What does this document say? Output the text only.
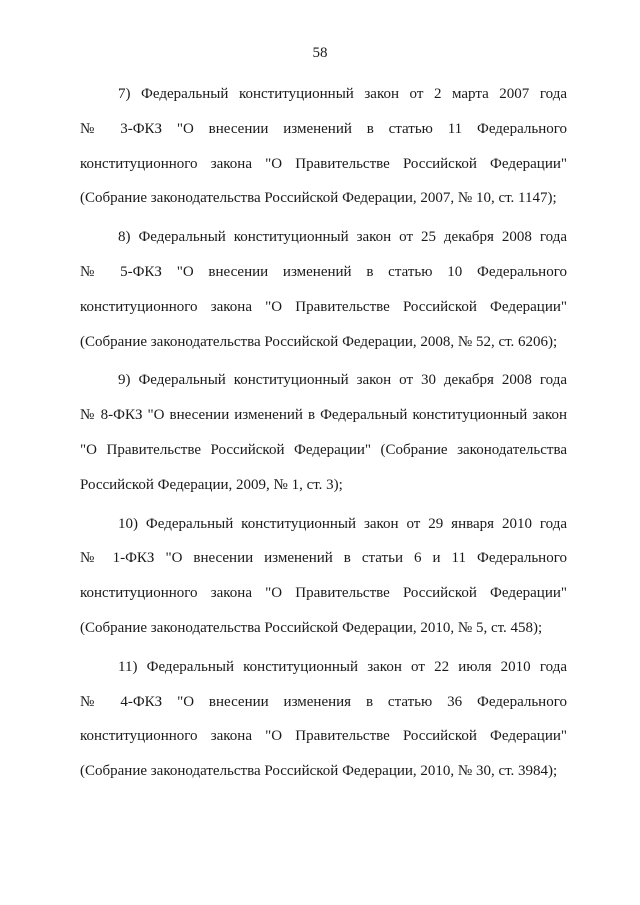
58
7) Федеральный конституционный закон от 2 марта 2007 года
№ 3-ФКЗ "О внесении изменений в статью 11 Федерального
конституционного закона "О Правительстве Российской Федерации"
(Собрание законодательства Российской Федерации, 2007, № 10, ст. 1147);
8) Федеральный конституционный закон от 25 декабря 2008 года
№ 5-ФКЗ "О внесении изменений в статью 10 Федерального
конституционного закона "О Правительстве Российской Федерации"
(Собрание законодательства Российской Федерации, 2008, № 52, ст. 6206);
9) Федеральный конституционный закон от 30 декабря 2008 года
№ 8-ФКЗ "О внесении изменений в Федеральный конституционный закон
"О Правительстве Российской Федерации" (Собрание законодательства
Российской Федерации, 2009, № 1, ст. 3);
10) Федеральный конституционный закон от 29 января 2010 года
№ 1-ФКЗ "О внесении изменений в статьи 6 и 11 Федерального
конституционного закона "О Правительстве Российской Федерации"
(Собрание законодательства Российской Федерации, 2010, № 5, ст. 458);
11) Федеральный конституционный закон от 22 июля 2010 года
№ 4-ФКЗ "О внесении изменения в статью 36 Федерального
конституционного закона "О Правительстве Российской Федерации"
(Собрание законодательства Российской Федерации, 2010, № 30, ст. 3984);
